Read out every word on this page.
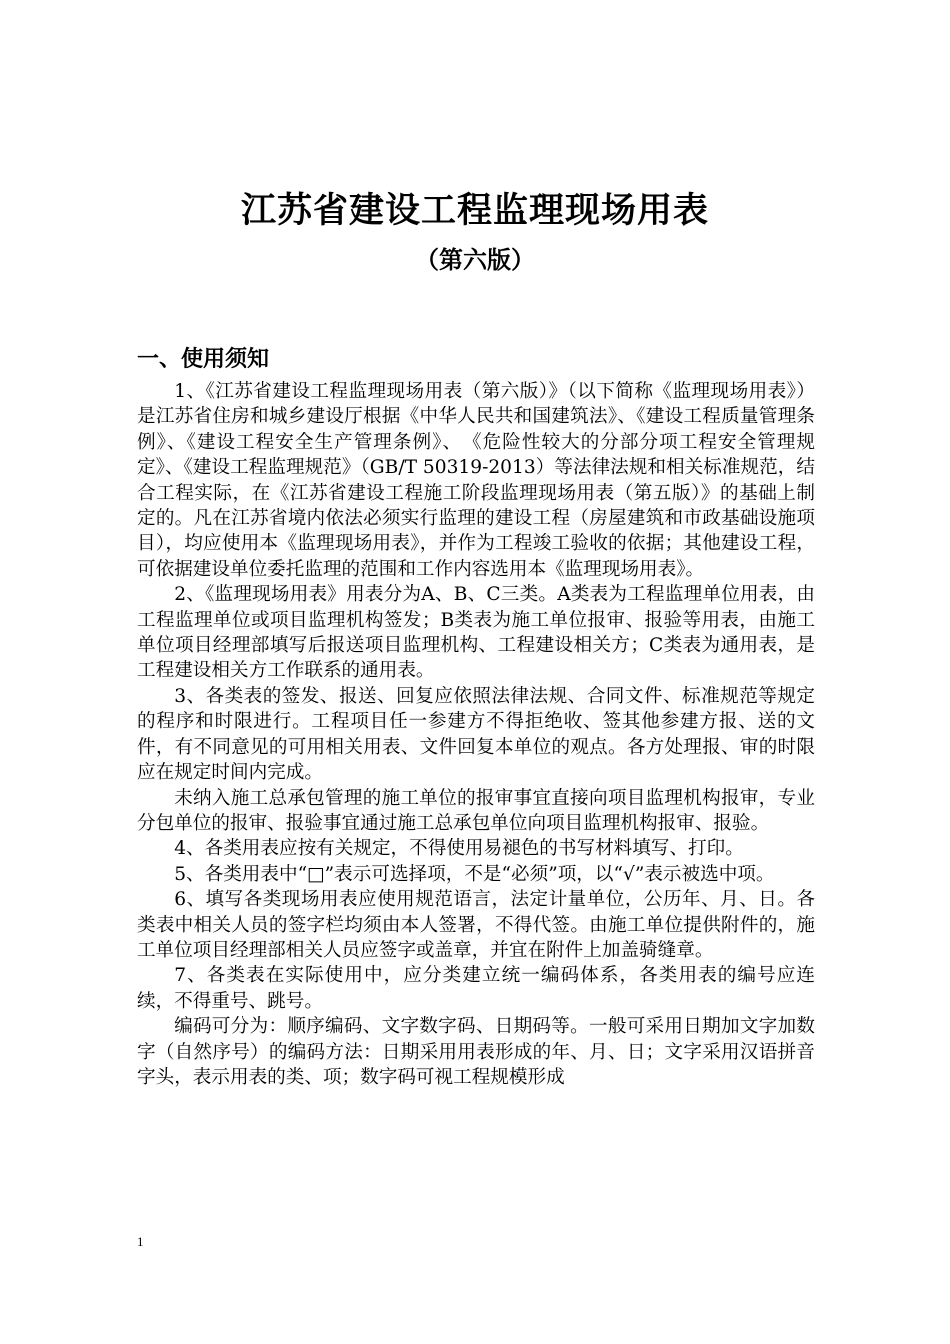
江苏省建设工程监理现场用表
（第六版）
一、使用须知

1、《江苏省建设工程监理现场用表（第六版）》（以下简称《监理现场用表》）是江苏省住房和城乡建设厅根据《中华人民共和国建筑法》、《建设工程质量管理条例》、《建设工程安全生产管理条例》、　《危险性较大的分部分项工程安全管理规定》、《建设工程监理规范》（GB/T 50319-2013）等法律法规和相关标准规范，结合工程实际，在《江苏省建设工程施工阶段监理现场用表（第五版）》的基础上制定的。凡在江苏省境内依法必须实行监理的建设工程（房屋建筑和市政基础设施项目），均应使用本《监理现场用表》，并作为工程竣工验收的依据；其他建设工程，可依据建设单位委托监理的范围和工作内容选用本《监理现场用表》。

2、《监理现场用表》用表分为A、B、C三类。A类表为工程监理单位用表，由工程监理单位或项目监理机构签发；B类表为施工单位报审、报验等用表，由施工单位项目经理部填写后报送项目监理机构、工程建设相关方；C类表为通用表，是工程建设相关方工作联系的通用表。

3、各类表的签发、报送、回复应依照法律法规、合同文件、标准规范等规定的程序和时限进行。工程项目任一参建方不得拒绝收、签其他参建方报、送的文件，有不同意见的可用相关用表、文件回复本单位的观点。各方处理报、审的时限应在规定时间内完成。

未纳入施工总承包管理的施工单位的报审事宜直接向项目监理机构报审，专业分包单位的报审、报验事宜通过施工总承包单位向项目监理机构报审、报验。

4、各类用表应按有关规定，不得使用易褪色的书写材料填写、打印。

5、各类用表中“□”表示可选择项，不是“必须”项，以“√”表示被选中项。

6、填写各类现场用表应使用规范语言，法定计量单位，公历年、月、日。各类表中相关人员的签字栏均须由本人签署，不得代签。由施工单位提供附件的，施工单位项目经理部相关人员应签字或盖章，并宜在附件上加盖骑缝章。

7、各类表在实际使用中，应分类建立统一编码体系，各类用表的编号应连续，不得重号、跳号。

编码可分为：顺序编码、文字数字码、日期码等。一般可采用日期加文字加数字（自然序号）的编码方法：日期采用用表形成的年、月、日；文字采用汉语拼音字头，表示用表的类、项；数字码可视工程规模形成

1
